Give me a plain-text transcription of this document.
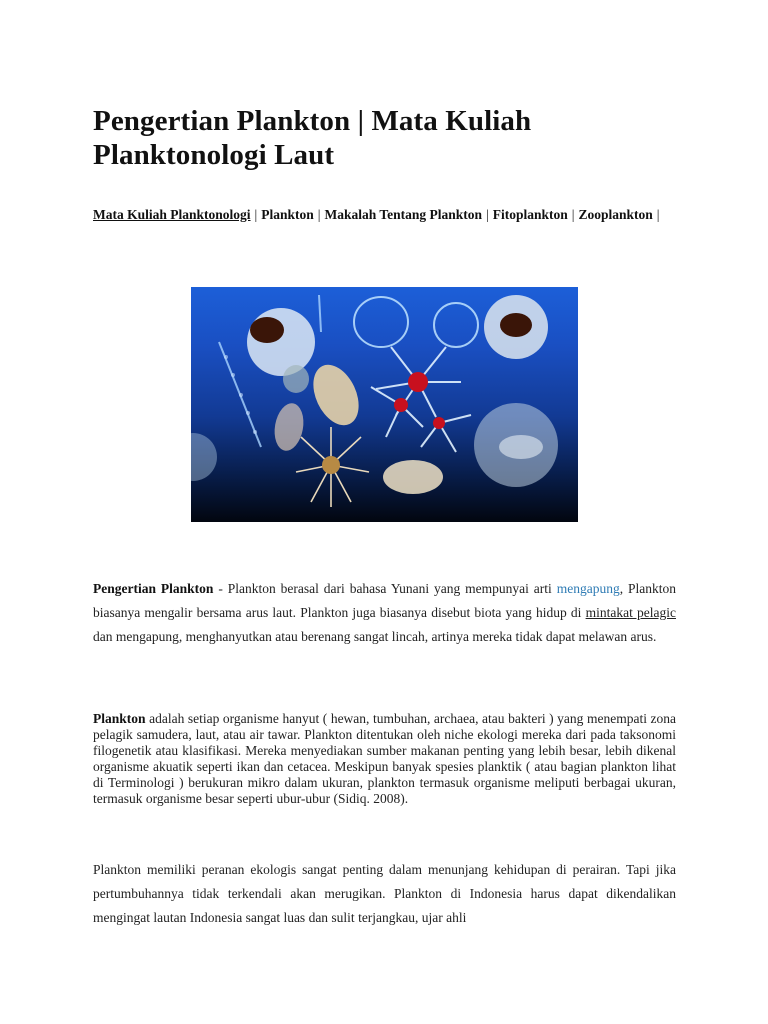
Pengertian Plankton | Mata Kuliah Planktonologi Laut
Mata Kuliah Planktonologi | Plankton | Makalah Tentang Plankton | Fitoplankton | Zooplankton |

Pengertian Plankton - Plankton berasal dari bahasa Yunani yang mempunyai arti mengapung, Plankton biasanya mengalir bersama arus laut. Plankton juga biasanya disebut biota yang hidup di mintakat pelagic dan mengapung, menghanyutkan atau berenang sangat lincah, artinya mereka tidak dapat melawan arus.

Plankton adalah setiap organisme hanyut ( hewan, tumbuhan, archaea, atau bakteri ) yang menempati zona pelagik samudera, laut, atau air tawar. Plankton ditentukan oleh niche ekologi mereka dari pada taksonomi filogenetik atau klasifikasi. Mereka menyediakan sumber makanan penting yang lebih besar, lebih dikenal organisme akuatik seperti ikan dan cetacea. Meskipun banyak spesies planktik ( atau bagian plankton lihat di Terminologi ) berukuran mikro dalam ukuran, plankton termasuk organisme meliputi berbagai ukuran, termasuk organisme besar seperti ubur-ubur (Sidiq. 2008).

Plankton memiliki peranan ekologis sangat penting dalam menunjang kehidupan di perairan. Tapi jika pertumbuhannya tidak terkendali akan merugikan. Plankton di Indonesia harus dapat dikendalikan mengingat lautan Indonesia sangat luas dan sulit terjangkau, ujar ahli
